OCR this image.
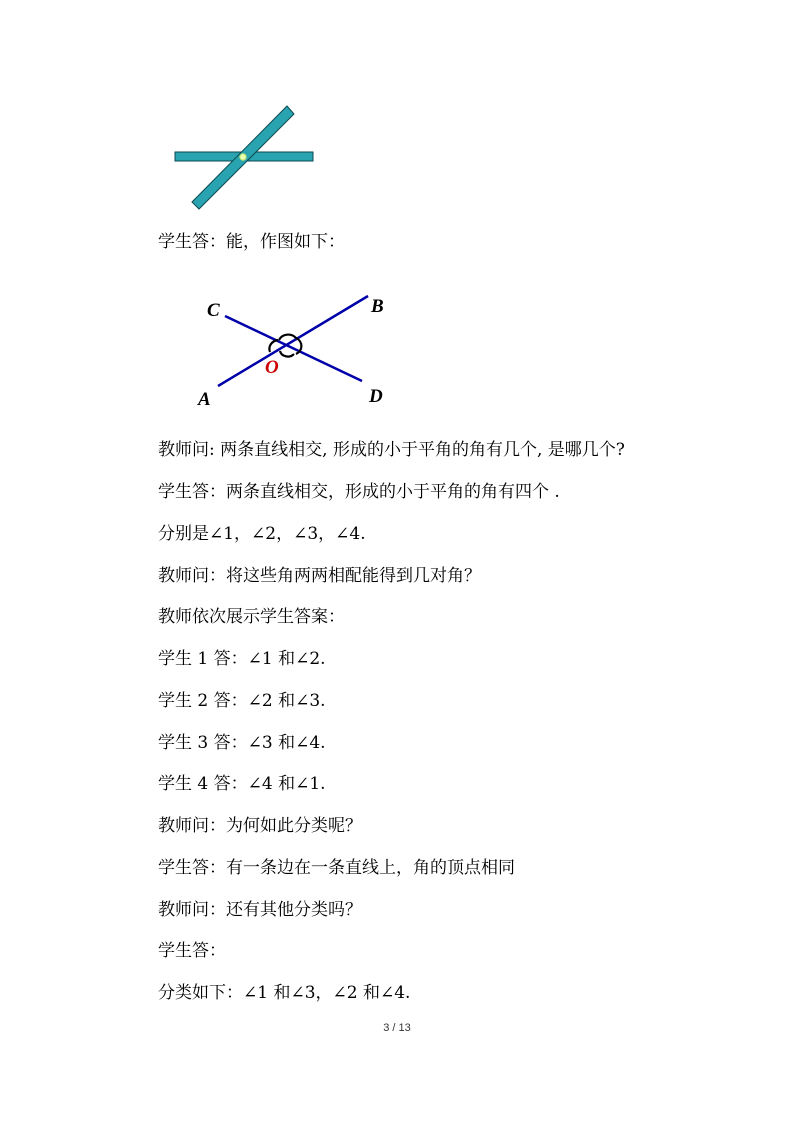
学生答：能，作图如下：
C	B
O
D
A
教师问: 两条直线相交, 形成的小于平角的角有几个, 是哪几个?
学生答：两条直线相交，形成的小于平角的角有四个 .
分别是∠1，∠2，∠3，∠4.
教师问：将这些角两两相配能得到几对角？
教师依次展示学生答案：
学生 1 答：∠1 和∠2.
学生 2 答：∠2 和∠3.
学生 3 答：∠3 和∠4.
学生 4 答：∠4 和∠1.
教师问：为何如此分类呢？
学生答：有一条边在一条直线上，角的顶点相同
教师问：还有其他分类吗？
学生答：
分类如下：∠1 和∠3，∠2 和∠4.
3 / 13
